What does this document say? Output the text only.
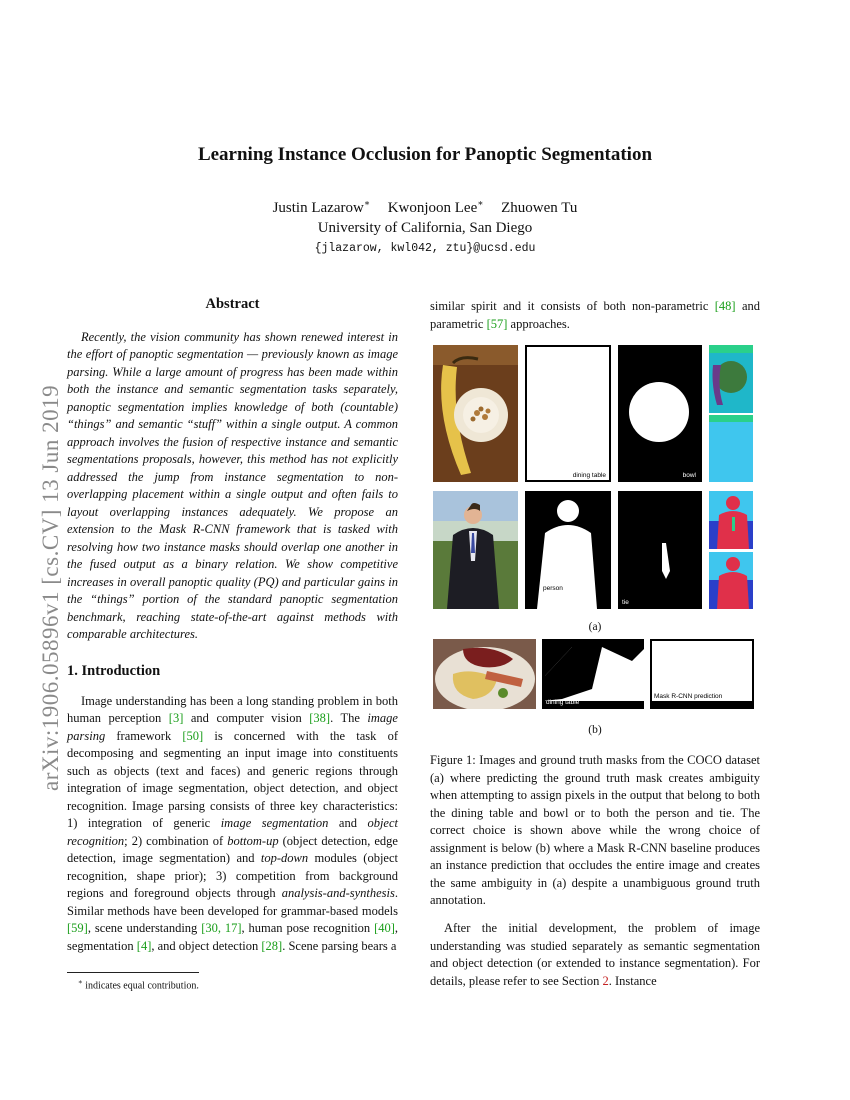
arXiv:1906.05896v1 [cs.CV] 13 Jun 2019
Learning Instance Occlusion for Panoptic Segmentation
Justin Lazarow∗ Kwonjoon Lee∗ Zhuowen Tu
University of California, San Diego
{jlazarow, kwl042, ztu}@ucsd.edu
Abstract

Recently, the vision community has shown renewed interest in the effort of panoptic segmentation — previously known as image parsing. While a large amount of progress has been made within both the instance and semantic segmentation tasks separately, panoptic segmentation implies knowledge of both (countable) “things” and semantic “stuff” within a single output. A common approach involves the fusion of respective instance and semantic segmentations proposals, however, this method has not explicitly addressed the jump from instance segmentation to non-overlapping placement within a single output and often fails to layout overlapping instances adequately. We propose an extension to the Mask R-CNN framework that is tasked with resolving how two instance masks should overlap one another in the fused output as a binary relation. We show competitive increases in overall panoptic quality (PQ) and particular gains in the “things” portion of the standard panoptic segmentation benchmark, reaching state-of-the-art against methods with comparable architectures.

1. Introduction

Image understanding has been a long standing problem in both human perception [3] and computer vision [38]. The image parsing framework [50] is concerned with the task of decomposing and segmenting an input image into constituents such as objects (text and faces) and generic regions through integration of image segmentation, object detection, and object recognition. Image parsing consists of three key characteristics: 1) integration of generic image segmentation and object recognition; 2) combination of bottom-up (object detection, edge detection, image segmentation) and top-down modules (object recognition, shape prior); 3) competition from background regions and foreground objects through analysis-and-synthesis. Similar methods have been developed for grammar-based models [59], scene understanding [30, 17], human pose recognition [40], segmentation [4], and object detection [28]. Scene parsing bears a

∗ indicates equal contribution.

similar spirit and it consists of both non-parametric [48] and parametric [57] approaches.

dining table	bowl
person
tie
(a)
dining table
Mask R-CNN prediction
(b)
Figure 1: Images and ground truth masks from the COCO dataset (a) where predicting the ground truth mask creates ambiguity when attempting to assign pixels in the output that belong to both the dining table and bowl or to both the person and tie. The correct choice is shown above while the wrong choice of assignment is below (b) where a Mask R-CNN baseline produces an instance prediction that occludes the entire image and creates the same ambiguity in (a) despite a unambiguous ground truth annotation.

After the initial development, the problem of image understanding was studied separately as semantic segmentation and object detection (or extended to instance segmentation). For details, please refer to see Section 2. Instance
